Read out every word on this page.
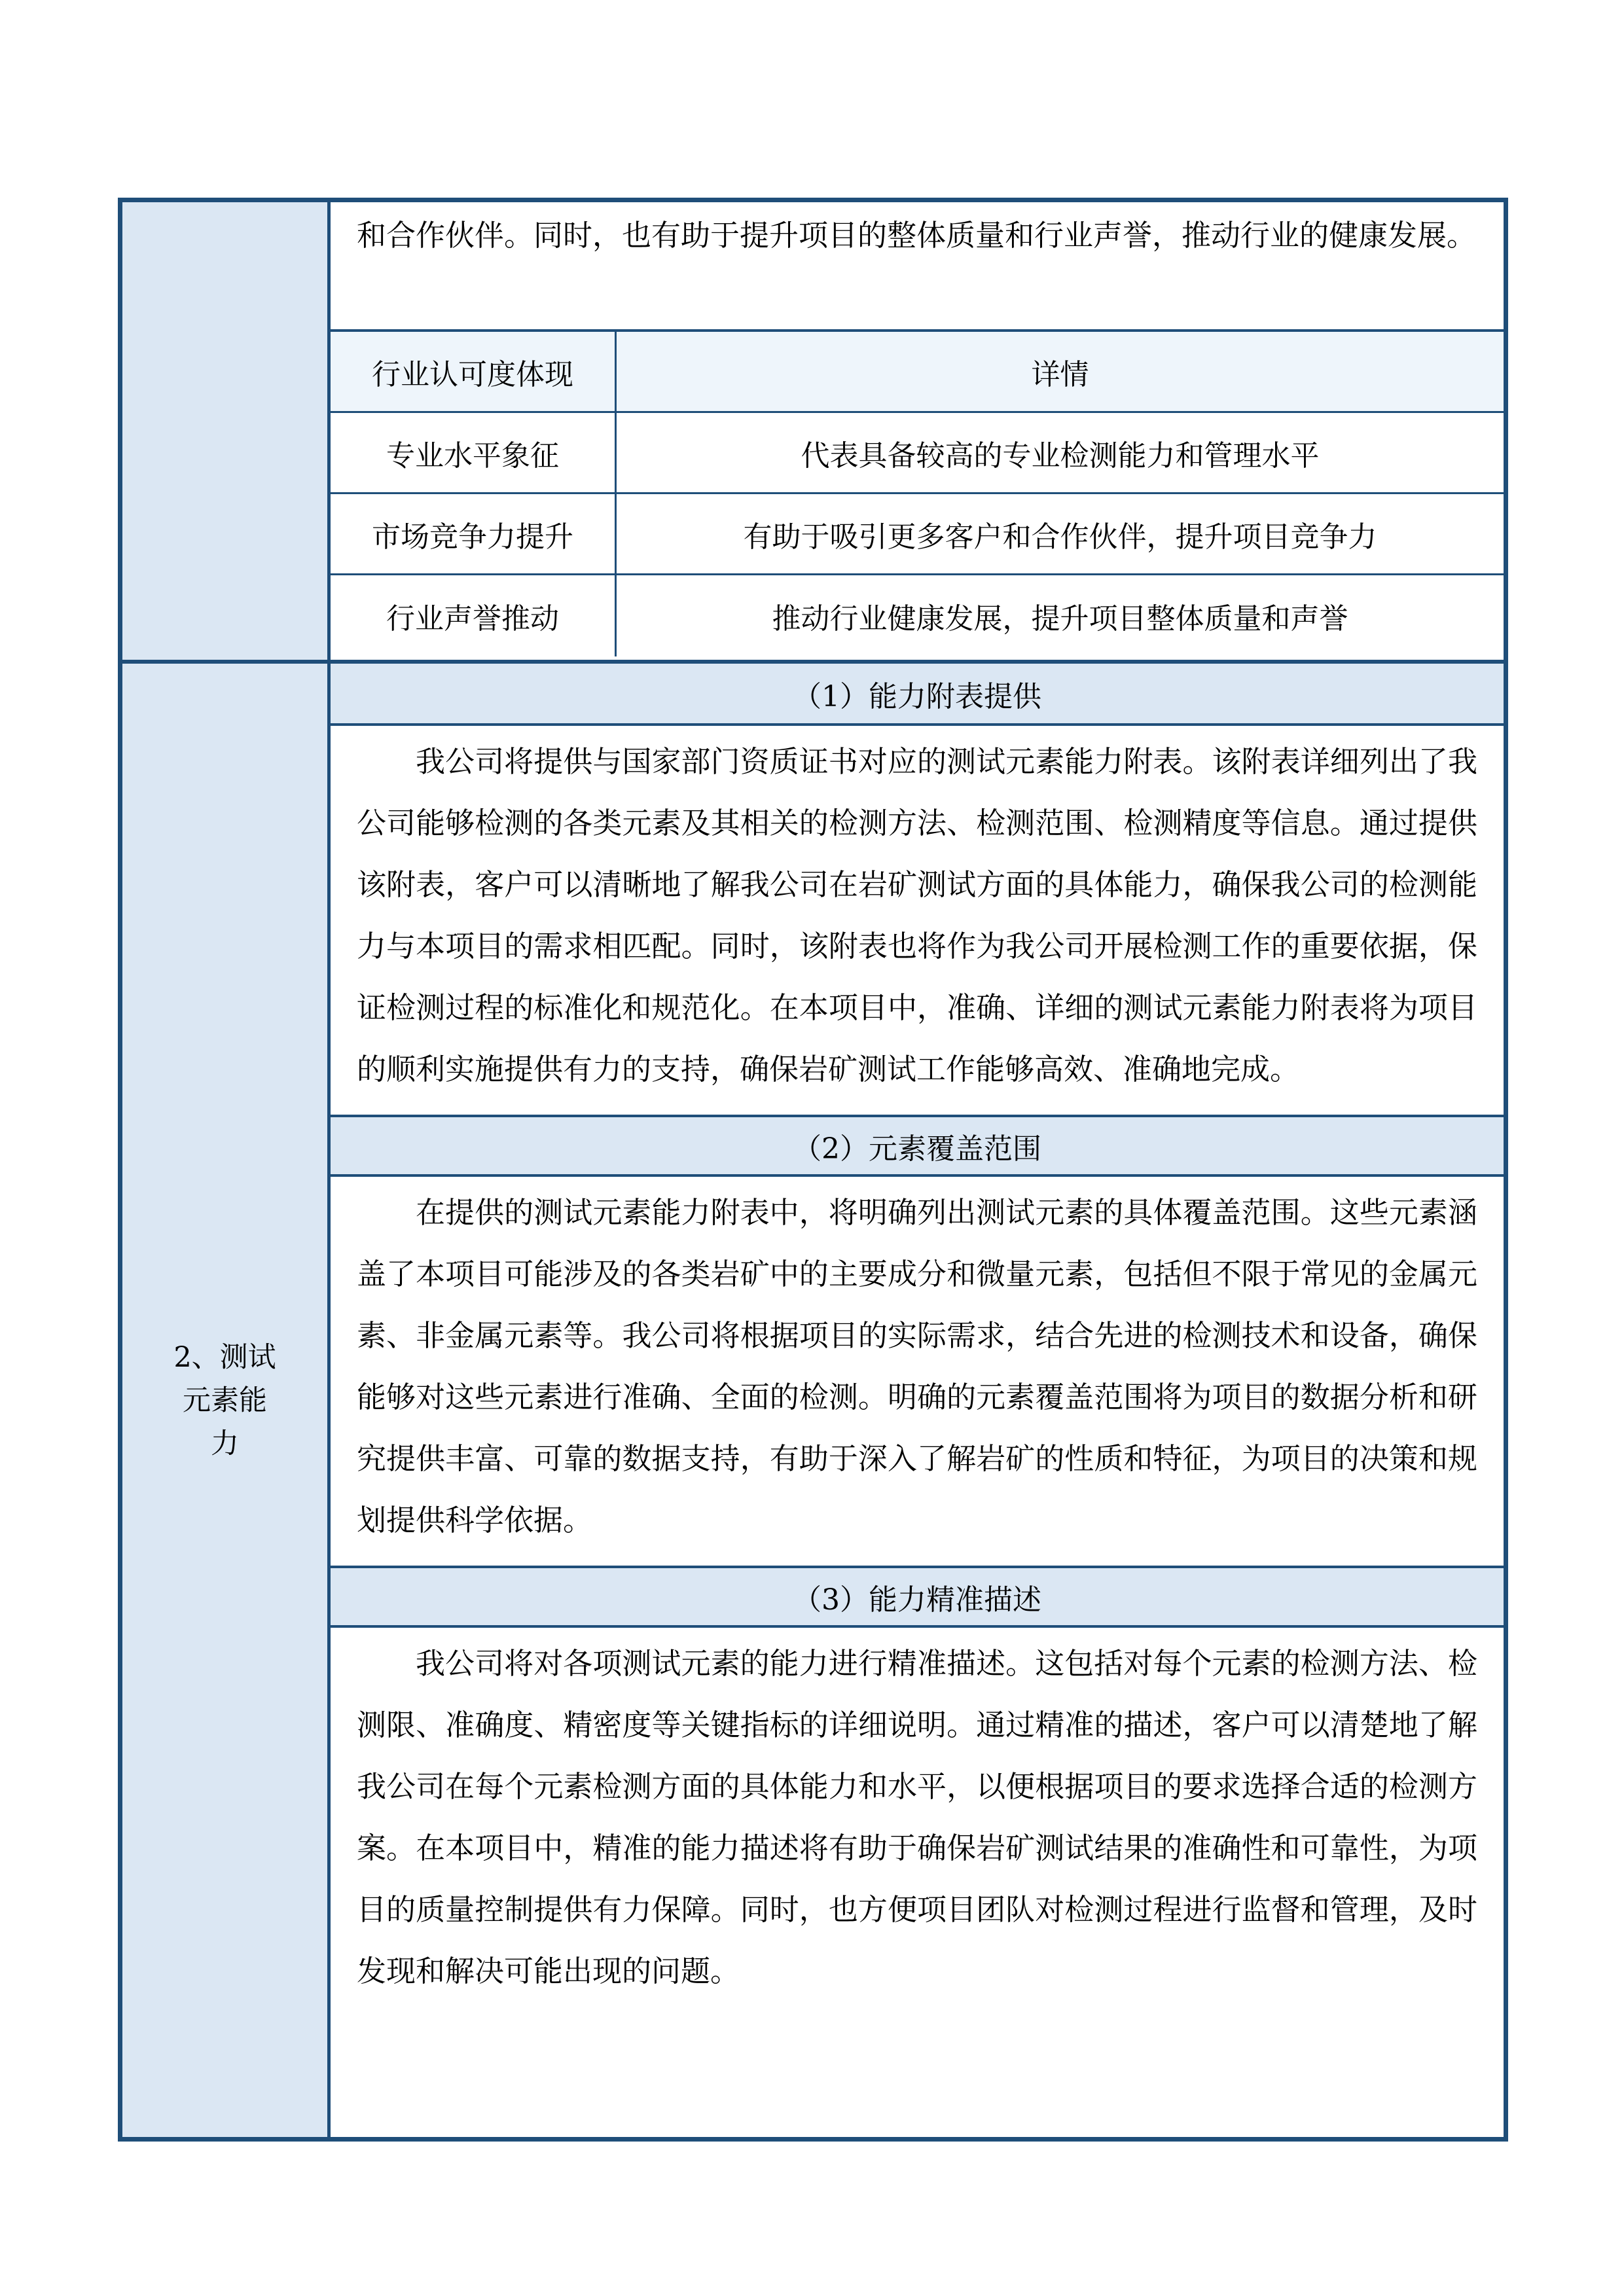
和合作伙伴。同时，也有助于提升项目的整体质量和行业声誉，推动行业的健康发展。
行业认可度体现	详情
专业水平象征	代表具备较高的专业检测能力和管理水平
市场竞争力提升	有助于吸引更多客户和合作伙伴，提升项目竞争力
行业声誉推动	推动行业健康发展，提升项目整体质量和声誉
2、测试元素能力
（1）能力附表提供
我公司将提供与国家部门资质证书对应的测试元素能力附表。该附表详细列出了我公司能够检测的各类元素及其相关的检测方法、检测范围、检测精度等信息。通过提供该附表，客户可以清晰地了解我公司在岩矿测试方面的具体能力，确保我公司的检测能力与本项目的需求相匹配。同时，该附表也将作为我公司开展检测工作的重要依据，保证检测过程的标准化和规范化。在本项目中，准确、详细的测试元素能力附表将为项目的顺利实施提供有力的支持，确保岩矿测试工作能够高效、准确地完成。
（2）元素覆盖范围
在提供的测试元素能力附表中，将明确列出测试元素的具体覆盖范围。这些元素涵盖了本项目可能涉及的各类岩矿中的主要成分和微量元素，包括但不限于常见的金属元素、非金属元素等。我公司将根据项目的实际需求，结合先进的检测技术和设备，确保能够对这些元素进行准确、全面的检测。明确的元素覆盖范围将为项目的数据分析和研究提供丰富、可靠的数据支持，有助于深入了解岩矿的性质和特征，为项目的决策和规划提供科学依据。
（3）能力精准描述
我公司将对各项测试元素的能力进行精准描述。这包括对每个元素的检测方法、检测限、准确度、精密度等关键指标的详细说明。通过精准的描述，客户可以清楚地了解我公司在每个元素检测方面的具体能力和水平，以便根据项目的要求选择合适的检测方案。在本项目中，精准的能力描述将有助于确保岩矿测试结果的准确性和可靠性，为项目的质量控制提供有力保障。同时，也方便项目团队对检测过程进行监督和管理，及时发现和解决可能出现的问题。
